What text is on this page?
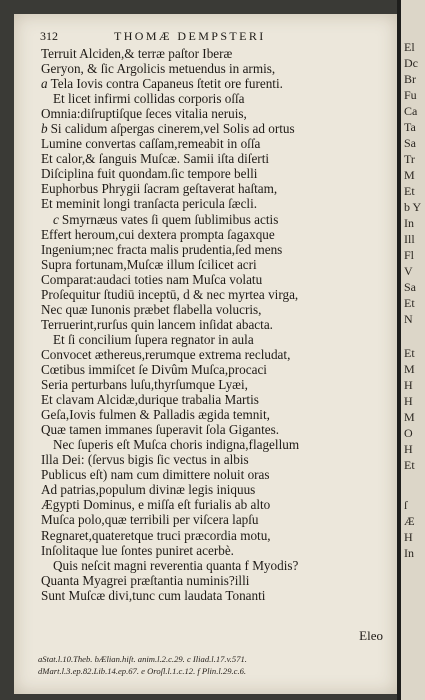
312	THOMÆ DEMPSTERI
Terruit Alciden,& terræ paſtor Iberæ
Geryon, & ſic Argolicis metuendus in armis,
a Tela Iovis contra Capaneus ſtetit ore furenti.
Et licet infirmi collidas corporis oſſa
Omnia:diſruptiſque ſeces vitalia neruis,
b Si calidum aſpergas cinerem,vel Solis ad ortus
Lumine convertas caſſam,remeabit in oſſa
Et calor,& ſanguis Muſcæ. Samii iſta diſerti
Diſciplina fuit quondam.ſic tempore belli
Euphorbus Phrygii ſacram geſtaverat haſtam,
Et meminit longi tranſacta pericula ſæcli.
c Smyrnæus vates ſi quem ſublimibus actis
Effert heroum,cui dextera prompta ſagaxque
Ingenium;nec fracta malis prudentia,ſed mens
Supra fortunam,Muſcæ illum ſcilicet acri
Comparat:audaci toties nam Muſca volatu
Proſequitur ſtudiū inceptū, d & nec myrtea virga,
Nec quæ Iunonis præbet flabella volucris,
Terruerint,rurſus quin lancem inſidat abacta.
Et ſi concilium ſupera regnator in aula
Convocet æthereus,rerumque extrema recludat,
Cœtibus immiſcet ſe Divûm Muſca,procaci
Seria perturbans luſu,thyrſumque Lyæi,
Et clavam Alcidæ,durique trabalia Martis
Geſa,Iovis fulmen & Palladis ægida temnit,
Quæ tamen immanes ſuperavit ſola Gigantes.
Nec ſuperis eſt Muſca choris indigna,flagellum
Illa Dei: (ſervus bigis ſic vectus in albis
Publicus eſt) nam cum dimittere noluit oras
Ad patrias,populum divinæ legis iniquus
Ægypti Dominus, e miſſa eſt furialis ab alto
Muſca polo,quæ terribili per viſcera lapſu
Regnaret,quateretque truci præcordia motu,
Inſolitaque lue ſontes puniret acerbè.
Quis neſcit magni reverentia quanta f Myodis?
Quanta Myagrei præſtantia numinis?illi
Sunt Muſcæ divi,tunc cum laudata Tonanti
Eleo
aStat.l.10.Theb. bÆlian.hiſt. anim.l.2.c.29. c Iliad.l.17.v.571.
dMart.l.3.ep.82.Lib.14.ep.67. e Oroſl.l.1.c.12. f Plin.l.29.c.6.
El
Dc
Br
Fu
Ca
Ta
Sa
Tr
M
Et
b Y
In
Ill
Fl
V
Sa
Et
N
Et
M
H
H
M
O
H
Et
ſ
Æ
H
In
